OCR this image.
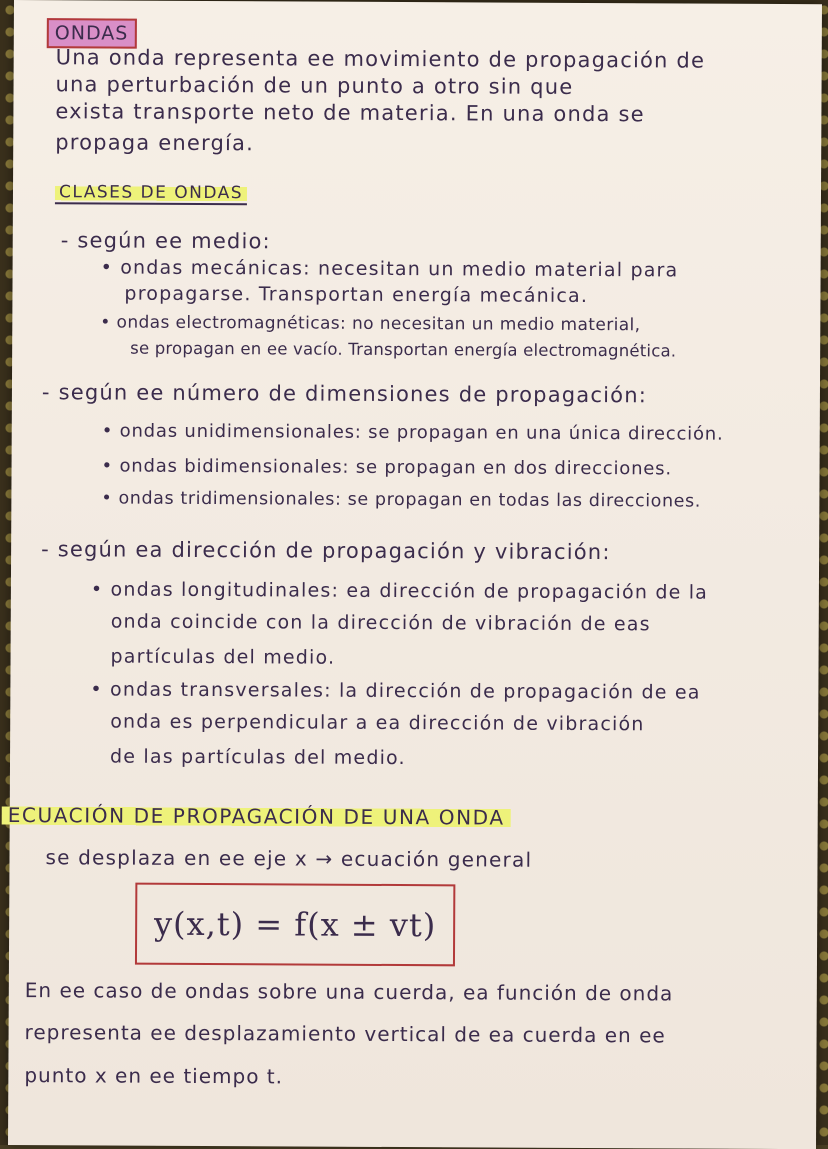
ONDAS
Una onda representa ee movimiento de propagación de
una perturbación de un punto a otro sin que
exista transporte neto de materia. En una onda se
propaga energía.
CLASES DE ONDAS
- según ee medio:
• ondas mecánicas: necesitan un medio material para
propagarse. Transportan energía mecánica.
• ondas electromagnéticas: no necesitan un medio material,
se propagan en ee vacío. Transportan energía electromagnética.
- según ee número de dimensiones de propagación:
• ondas unidimensionales: se propagan en una única dirección.
• ondas bidimensionales: se propagan en dos direcciones.
• ondas tridimensionales: se propagan en todas las direcciones.
- según ea dirección de propagación y vibración:
• ondas longitudinales: ea dirección de propagación de la
onda coincide con la dirección de vibración de eas
partículas del medio.
• ondas transversales: la dirección de propagación de ea
onda es perpendicular a ea dirección de vibración
de las partículas del medio.
ECUACIÓN DE PROPAGACIÓN DE UNA ONDA
se desplaza en ee eje x → ecuación general
y(x,t) = f(x ± vt)
En ee caso de ondas sobre una cuerda, ea función de onda
representa ee desplazamiento vertical de ea cuerda en ee
punto x en ee tiempo t.
